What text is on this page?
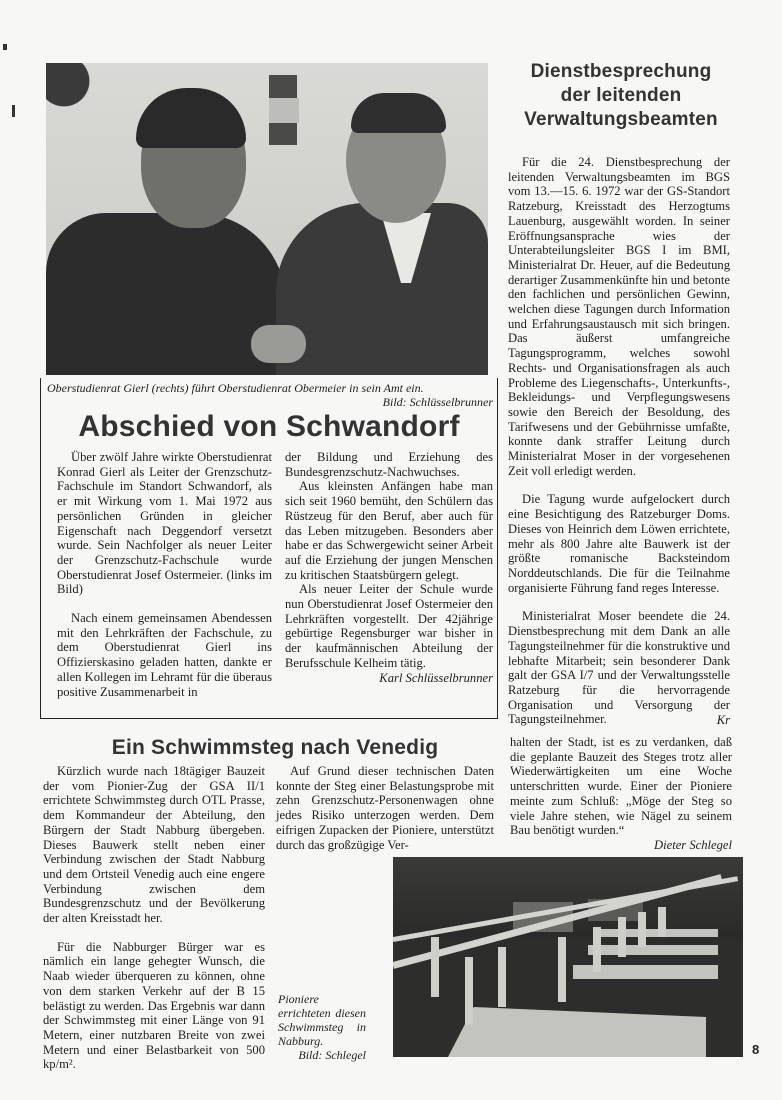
Oberstudienrat Gierl (rechts) führt Oberstudienrat Obermeier in sein Amt ein.
Bild: Schlüsselbrunner
Abschied von Schwandorf

Über zwölf Jahre wirkte Oberstudienrat Konrad Gierl als Leiter der Grenzschutz-Fachschule im Standort Schwandorf, als er mit Wirkung vom 1. Mai 1972 aus persönlichen Gründen in gleicher Eigenschaft nach Deggendorf versetzt wurde. Sein Nachfolger als neuer Leiter der Grenzschutz-Fachschule wurde Oberstudienrat Josef Ostermeier. (links im Bild)

Nach einem gemeinsamen Abendessen mit den Lehrkräften der Fachschule, zu dem Oberstudienrat Gierl ins Offizierskasino geladen hatten, dankte er allen Kollegen im Lehramt für die überaus positive Zusammenarbeit in

der Bildung und Erziehung des Bundesgrenzschutz-Nachwuchses.

Aus kleinsten Anfängen habe man sich seit 1960 bemüht, den Schülern das Rüstzeug für den Beruf, aber auch für das Leben mitzugeben. Besonders aber habe er das Schwergewicht seiner Arbeit auf die Erziehung der jungen Menschen zu kritischen Staatsbürgern gelegt.

Als neuer Leiter der Schule wurde nun Oberstudienrat Josef Ostermeier den Lehrkräften vorgestellt. Der 42jährige gebürtige Regensburger war bisher in der kaufmännischen Abteilung der Berufsschule Kelheim tätig.

Karl Schlüsselbrunner

Dienstbesprechung
der leitenden
Verwaltungsbeamten

Für die 24. Dienstbesprechung der leitenden Verwaltungsbeamten im BGS vom 13.—15. 6. 1972 war der GS-Standort Ratzeburg, Kreisstadt des Herzogtums Lauenburg, ausgewählt worden. In seiner Eröffnungsansprache wies der Unterabteilungsleiter BGS I im BMI, Ministerialrat Dr. Heuer, auf die Bedeutung derartiger Zusammenkünfte hin und betonte den fachlichen und persönlichen Gewinn, welchen diese Tagungen durch Information und Erfahrungsaustausch mit sich bringen. Das äußerst umfangreiche Tagungsprogramm, welches sowohl Rechts- und Organisationsfragen als auch Probleme des Liegenschafts-, Unterkunfts-, Bekleidungs- und Verpflegungswesens sowie den Bereich der Besoldung, des Tarifwesens und der Gebührnisse umfaßte, konnte dank straffer Leitung durch Ministerialrat Moser in der vorgesehenen Zeit voll erledigt werden.

Die Tagung wurde aufgelockert durch eine Besichtigung des Ratzeburger Doms. Dieses von Heinrich dem Löwen errichtete, mehr als 800 Jahre alte Bauwerk ist der größte romanische Backsteindom Norddeutschlands. Die für die Teilnahme organisierte Führung fand reges Interesse.

Ministerialrat Moser beendete die 24. Dienstbesprechung mit dem Dank an alle Tagungsteilnehmer für die konstruktive und lebhafte Mitarbeit; sein besonderer Dank galt der GSA I/7 und der Verwaltungsstelle Ratzeburg für die hervorragende Organisation und Versorgung der Tagungsteilnehmer.	Kr
Ein Schwimmsteg nach Venedig

Kürzlich wurde nach 18tägiger Bauzeit der vom Pionier-Zug der GSA II/1 errichtete Schwimmsteg durch OTL Prasse, dem Kommandeur der Abteilung, den Bürgern der Stadt Nabburg übergeben. Dieses Bauwerk stellt neben einer Verbindung zwischen der Stadt Nabburg und dem Ortsteil Venedig auch eine engere Verbindung zwischen dem Bundesgrenzschutz und der Bevölkerung der alten Kreisstadt her.

Für die Nabburger Bürger war es nämlich ein lange gehegter Wunsch, die Naab wieder überqueren zu können, ohne von dem starken Verkehr auf der B 15 belästigt zu werden. Das Ergebnis war dann der Schwimmsteg mit einer Länge von 91 Metern, einer nutzbaren Breite von zwei Metern und einer Belastbarkeit von 500 kp/m².

Auf Grund dieser technischen Daten konnte der Steg einer Belastungsprobe mit zehn Grenzschutz-Personenwagen ohne jedes Risiko unterzogen werden. Dem eifrigen Zupacken der Pioniere, unterstützt durch das großzügige Ver-

halten der Stadt, ist es zu verdanken, daß die geplante Bauzeit des Steges trotz aller Wiederwärtigkeiten um eine Woche unterschritten wurde. Einer der Pioniere meinte zum Schluß: „Möge der Steg so viele Jahre stehen, wie Nägel zu seinem Bau benötigt wurden.“

Dieter Schlegel

Pioniere errichteten diesen Schwimmsteg in Nabburg.
Bild: Schlegel	8
